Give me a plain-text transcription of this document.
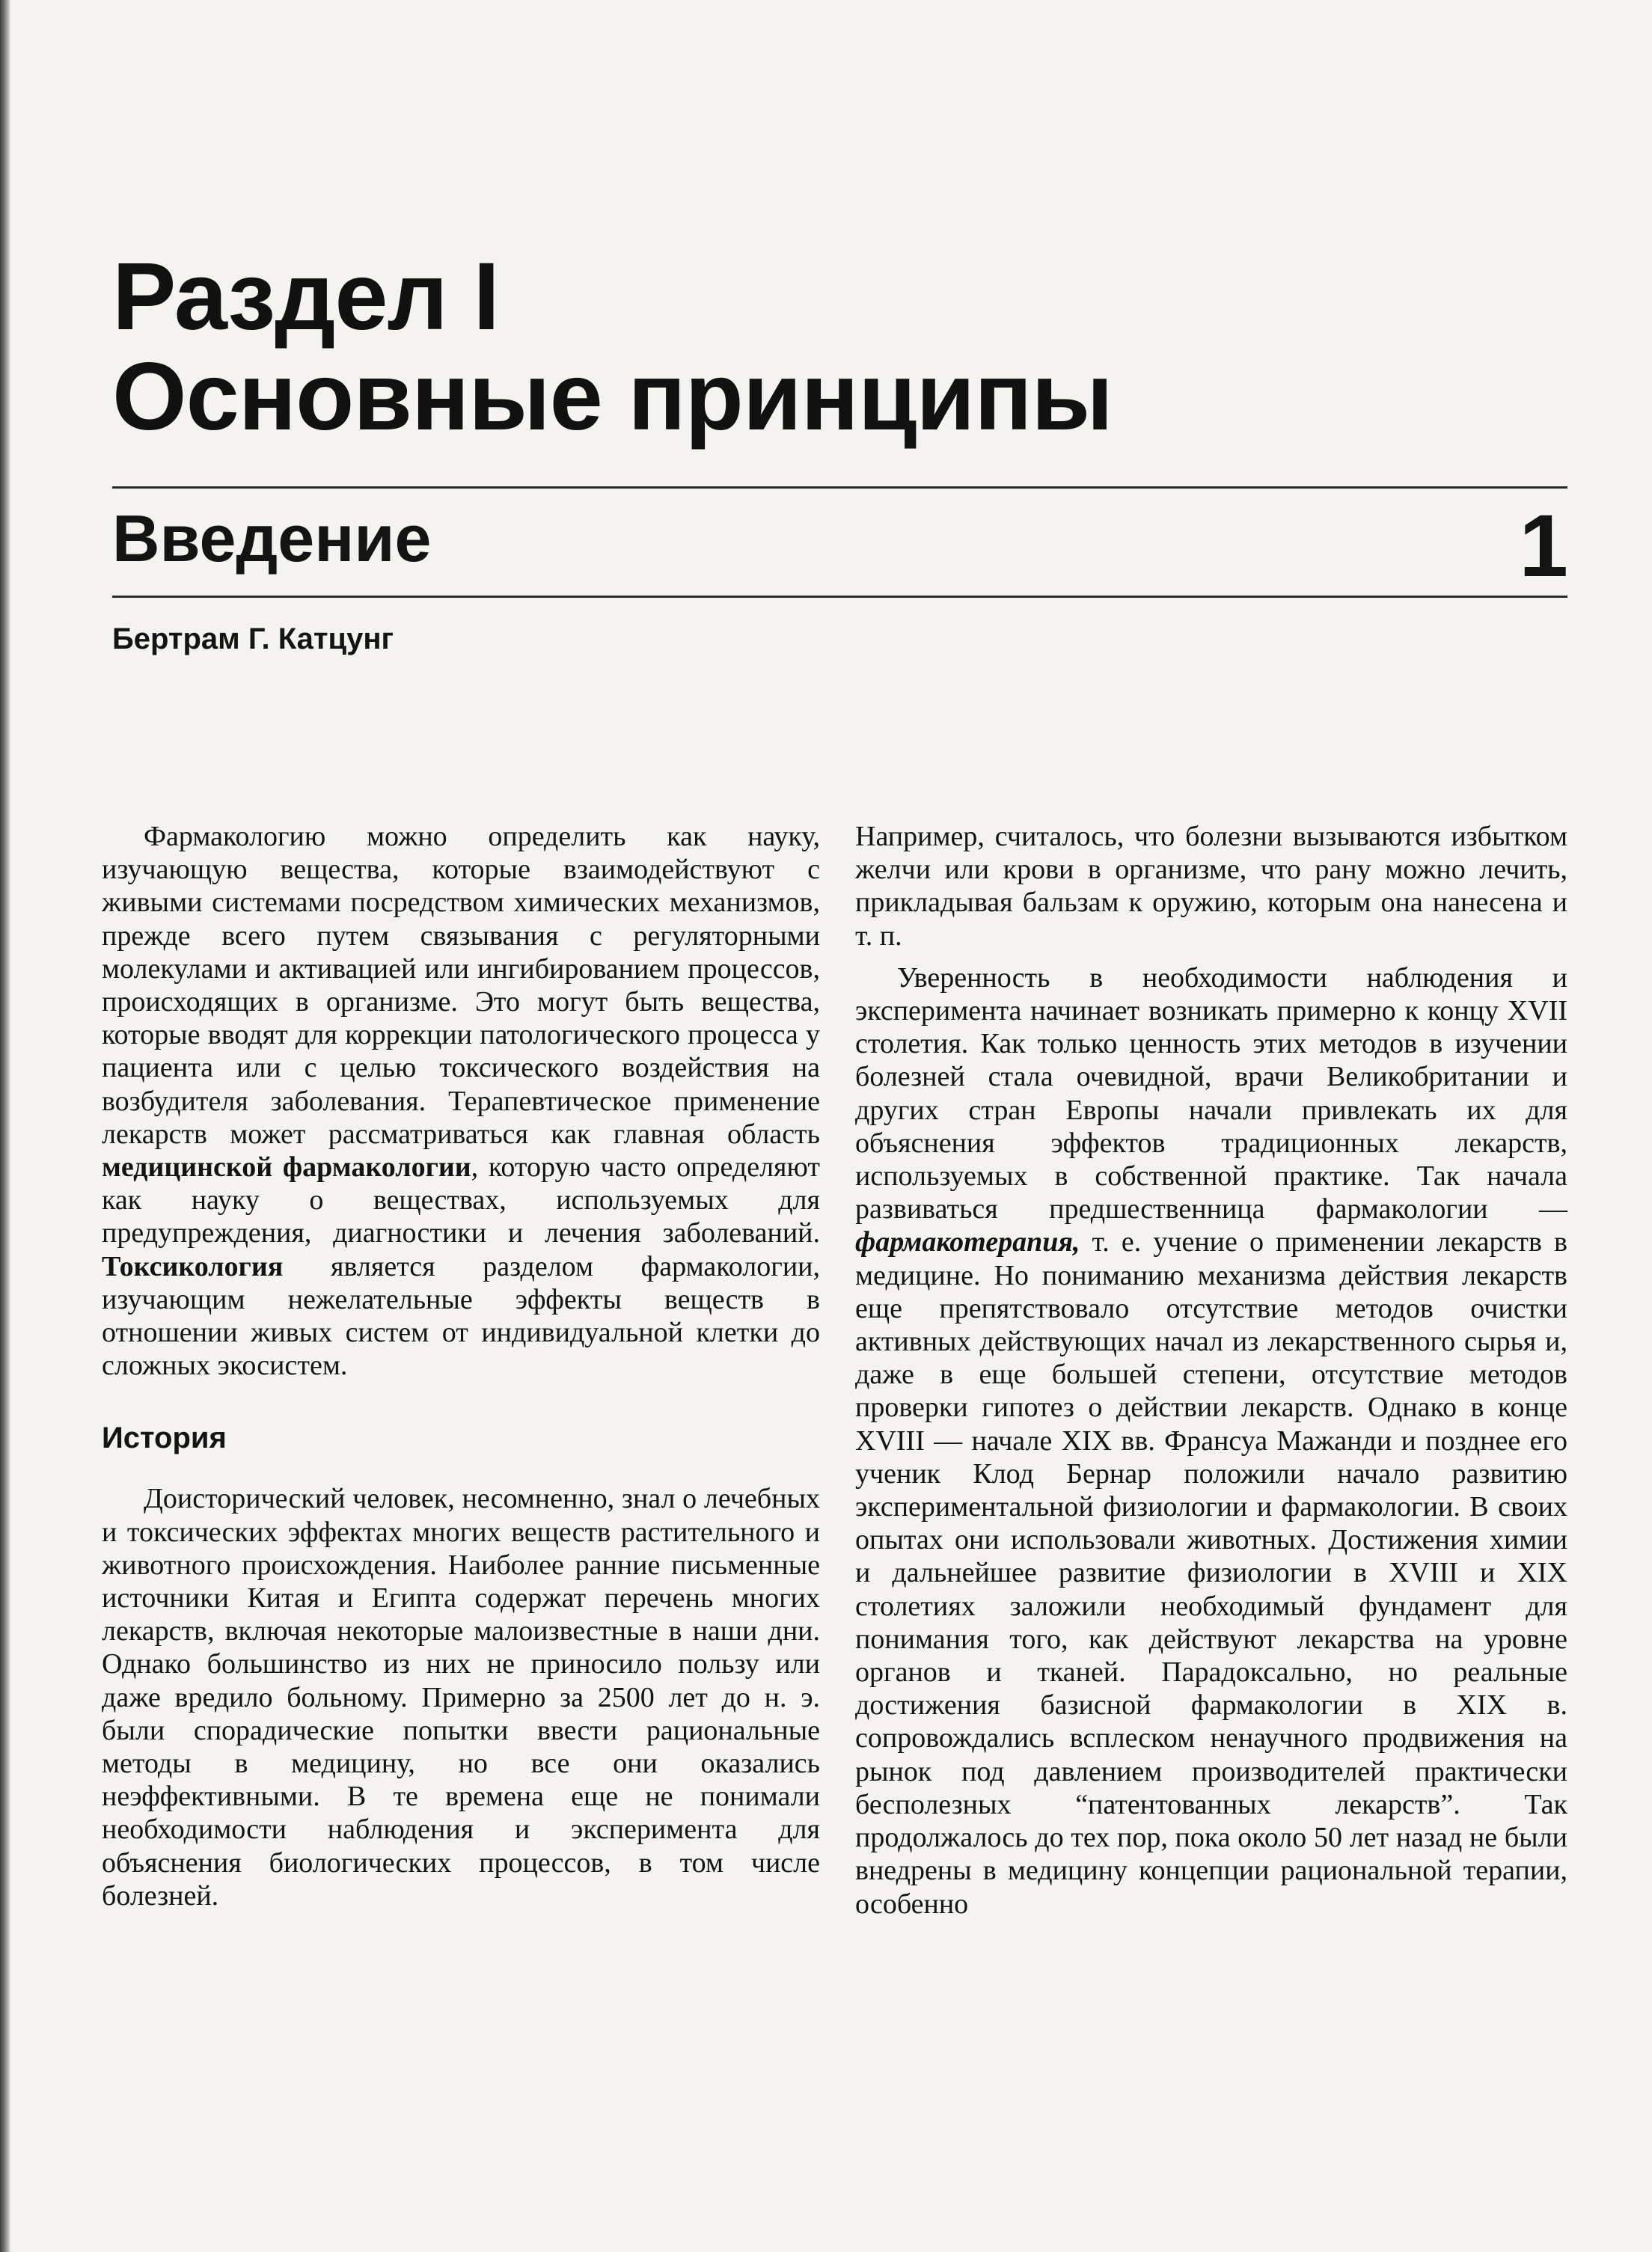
Раздел I
Основные принципы
Введение	1
Бертрам Г. Катцунг

Фармакологию можно определить как науку, изучающую вещества, которые взаимодействуют с живыми системами посредством химических механизмов, прежде всего путем связывания с регуляторными молекулами и активацией или ингибированием процессов, происходящих в организме. Это могут быть вещества, которые вводят для коррекции патологического процесса у пациента или с целью токсического воздействия на возбудителя заболевания. Терапевтическое применение лекарств может рассматриваться как главная область медицинской фармакологии, которую часто определяют как науку о веществах, используемых для предупреждения, диагностики и лечения заболеваний. Токсикология является разделом фармакологии, изучающим нежелательные эффекты веществ в отношении живых систем от индивидуальной клетки до сложных экосистем.

История

Доисторический человек, несомненно, знал о лечебных и токсических эффектах многих веществ растительного и животного происхождения. Наиболее ранние письменные источники Китая и Египта содержат перечень многих лекарств, включая некоторые малоизвестные в наши дни. Однако большинство из них не приносило пользу или даже вредило больному. Примерно за 2500 лет до н. э. были спорадические попытки ввести рациональные методы в медицину, но все они оказались неэффективными. В те времена еще не понимали необходимости наблюдения и эксперимента для объяснения биологических процессов, в том числе болезней.

Например, считалось, что болезни вызываются избытком желчи или крови в организме, что рану можно лечить, прикладывая бальзам к оружию, которым она нанесена и т. п.

Уверенность в необходимости наблюдения и эксперимента начинает возникать примерно к концу XVII столетия. Как только ценность этих методов в изучении болезней стала очевидной, врачи Великобритании и других стран Европы начали привлекать их для объяснения эффектов традиционных лекарств, используемых в собственной практике. Так начала развиваться предшественница фармакологии — фармакотерапия, т. е. учение о применении лекарств в медицине. Но пониманию механизма действия лекарств еще препятствовало отсутствие методов очистки активных действующих начал из лекарственного сырья и, даже в еще большей степени, отсутствие методов проверки гипотез о действии лекарств. Однако в конце XVIII — начале XIX вв. Франсуа Мажанди и позднее его ученик Клод Бернар положили начало развитию экспериментальной физиологии и фармакологии. В своих опытах они использовали животных. Достижения химии и дальнейшее развитие физиологии в XVIII и XIX столетиях заложили необходимый фундамент для понимания того, как действуют лекарства на уровне органов и тканей. Парадоксально, но реальные достижения базисной фармакологии в XIX в. сопровождались всплеском ненаучного продвижения на рынок под давлением производителей практически бесполезных “патентованных лекарств”. Так продолжалось до тех пор, пока около 50 лет назад не были внедрены в медицину концепции рациональной терапии, особенно
